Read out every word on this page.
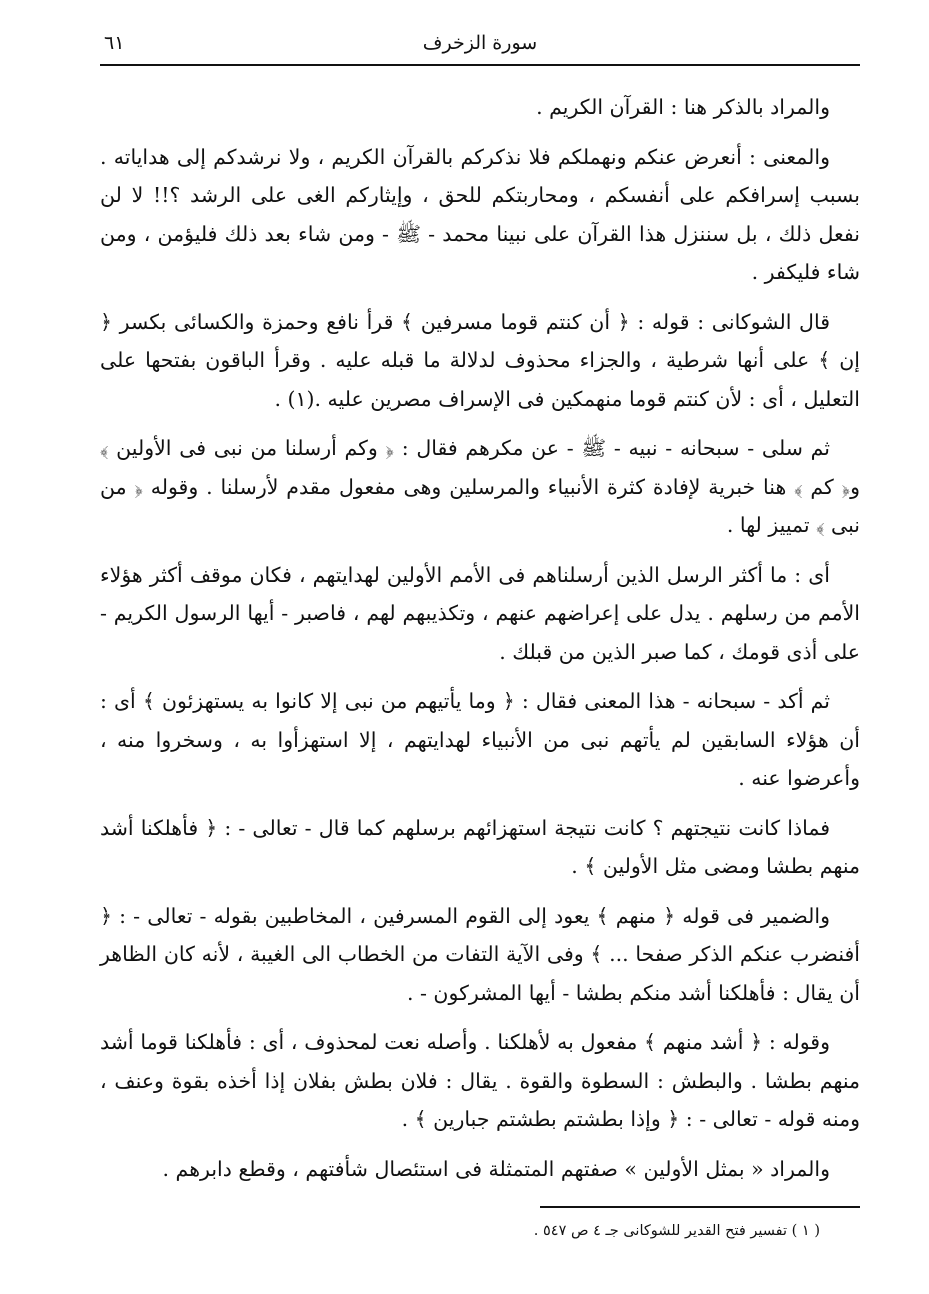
٦١	سورة الزخرف

والمراد بالذكر هنا : القرآن الكريم .

والمعنى : أنعرض عنكم ونهملكم فلا نذكركم بالقرآن الكريم ، ولا نرشدكم إلى هداياته . بسبب إسرافكم على أنفسكم ، ومحاربتكم للحق ، وإيثاركم الغى على الرشد ؟!! لا لن نفعل ذلك ، بل سننزل هذا القرآن على نبينا محمد - ﷺ - ومن شاء بعد ذلك فليؤمن ، ومن شاء فليكفر .

قال الشوكانى : قوله : ﴿ أن كنتم قوما مسرفين ﴾ قرأ نافع وحمزة والكسائى بكسر ﴿ إن ﴾ على أنها شرطية ، والجزاء محذوف لدلالة ما قبله عليه . وقرأ الباقون بفتحها على التعليل ، أى : لأن كنتم قوما منهمكين فى الإسراف مصرين عليه .(١) .

ثم سلى - سبحانه - نبيه - ﷺ - عن مكرهم فقال : ﴿ وكم أرسلنا من نبى فى الأولين ﴾ و﴿ كم ﴾ هنا خبرية لإفادة كثرة الأنبياء والمرسلين وهى مفعول مقدم لأرسلنا . وقوله ﴿ من نبى ﴾ تمييز لها .

أى : ما أكثر الرسل الذين أرسلناهم فى الأمم الأولين لهدايتهم ، فكان موقف أكثر هؤلاء الأمم من رسلهم . يدل على إعراضهم عنهم ، وتكذيبهم لهم ، فاصبر - أيها الرسول الكريم - على أذى قومك ، كما صبر الذين من قبلك .

ثم أكد - سبحانه - هذا المعنى فقال : ﴿ وما يأتيهم من نبى إلا كانوا به يستهزئون ﴾ أى : أن هؤلاء السابقين لم يأتهم نبى من الأنبياء لهدايتهم ، إلا استهزأوا به ، وسخروا منه ، وأعرضوا عنه .

فماذا كانت نتيجتهم ؟ كانت نتيجة استهزائهم برسلهم كما قال - تعالى - : ﴿ فأهلكنا أشد منهم بطشا ومضى مثل الأولين ﴾ .

والضمير فى قوله ﴿ منهم ﴾ يعود إلى القوم المسرفين ، المخاطبين بقوله - تعالى - : ﴿ أفنضرب عنكم الذكر صفحا ... ﴾ وفى الآية التفات من الخطاب الى الغيبة ، لأنه كان الظاهر أن يقال : فأهلكنا أشد منكم بطشا - أيها المشركون - .

وقوله : ﴿ أشد منهم ﴾ مفعول به لأهلكنا . وأصله نعت لمحذوف ، أى : فأهلكنا قوما أشد منهم بطشا . والبطش : السطوة والقوة . يقال : فلان بطش بفلان إذا أخذه بقوة وعنف ، ومنه قوله - تعالى - : ﴿ وإذا بطشتم بطشتم جبارين ﴾ .

والمراد « بمثل الأولين » صفتهم المتمثلة فى استئصال شأفتهم ، وقطع دابرهم .

( ١ ) تفسير فتح القدير للشوكانى جـ ٤ ص ٥٤٧ .
